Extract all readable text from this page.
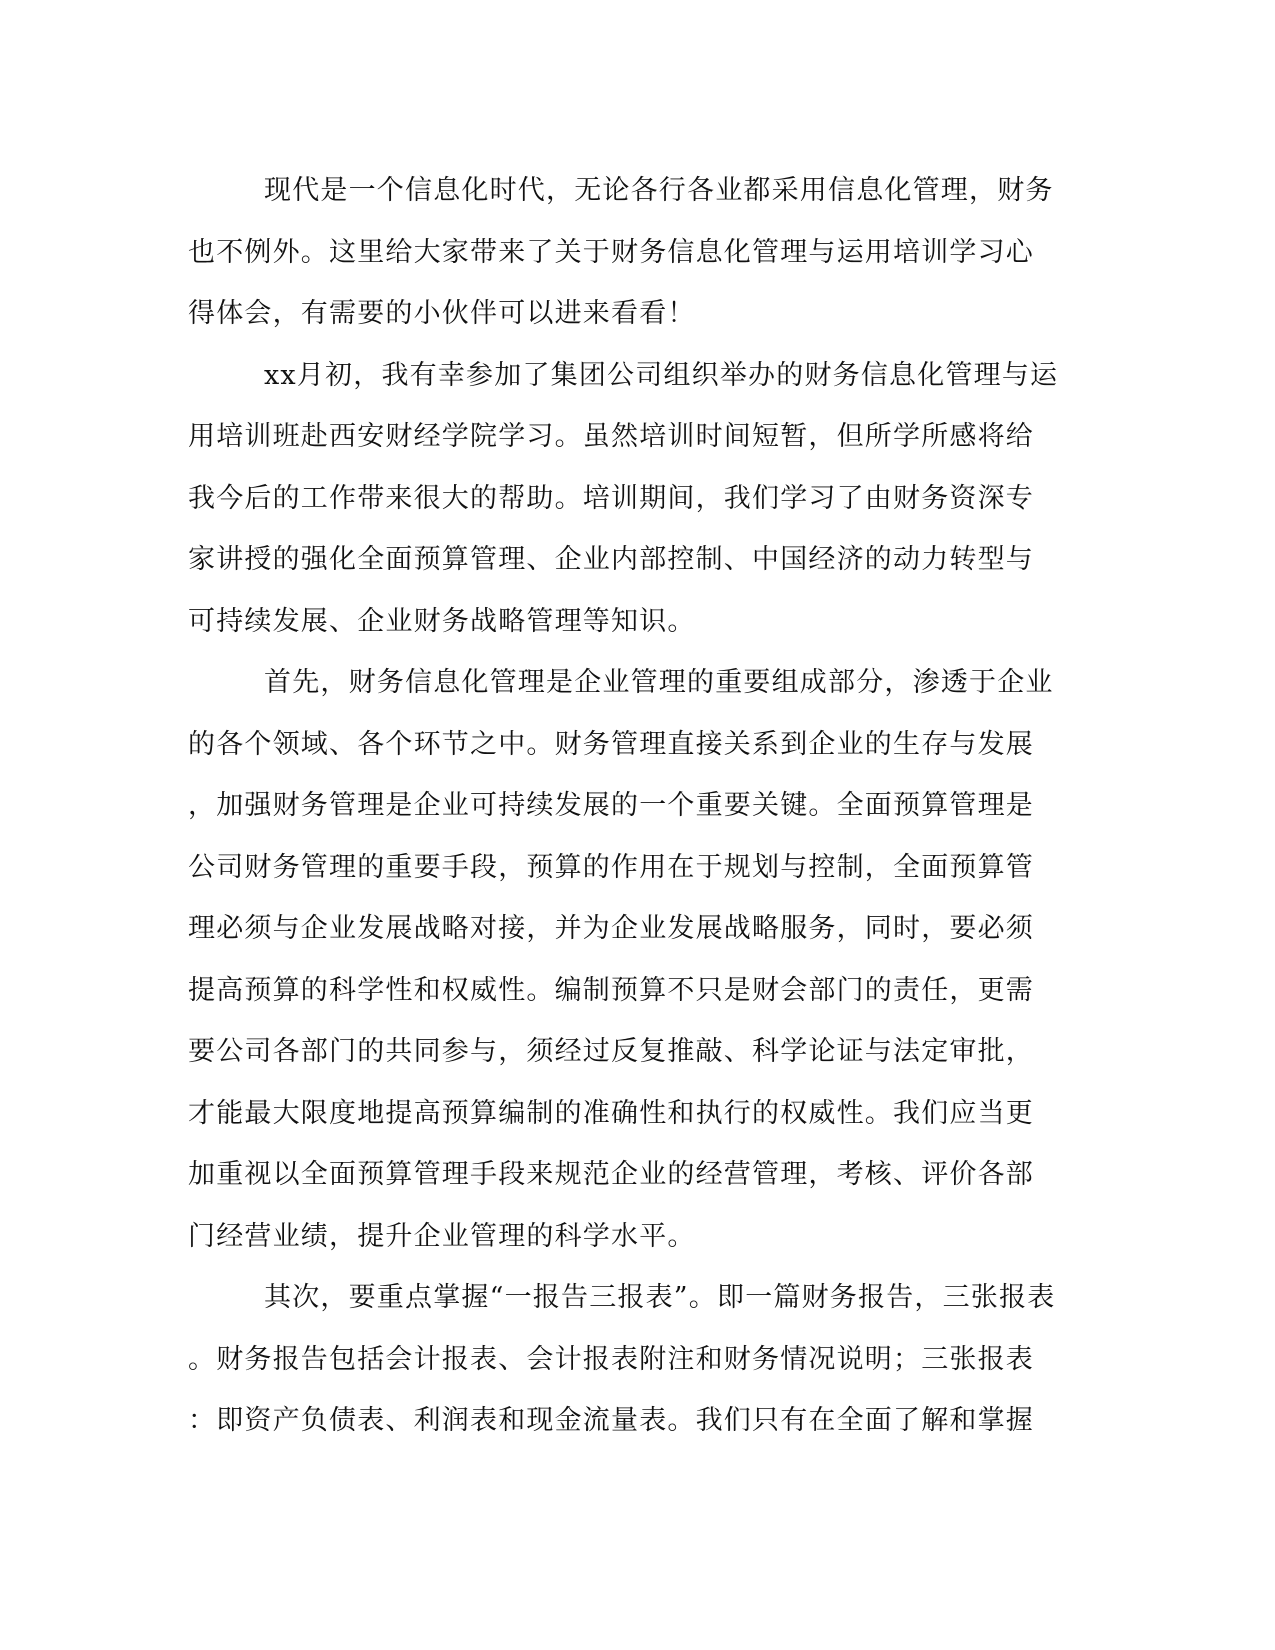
现代是一个信息化时代，无论各行各业都采用信息化管理，财务
也不例外。这里给大家带来了关于财务信息化管理与运用培训学习心
得体会，有需要的小伙伴可以进来看看！

xx月初，我有幸参加了集团公司组织举办的财务信息化管理与运
用培训班赴西安财经学院学习。虽然培训时间短暂，但所学所感将给
我今后的工作带来很大的帮助。培训期间，我们学习了由财务资深专
家讲授的强化全面预算管理、企业内部控制、中国经济的动力转型与
可持续发展、企业财务战略管理等知识。

首先，财务信息化管理是企业管理的重要组成部分，渗透于企业
的各个领域、各个环节之中。财务管理直接关系到企业的生存与发展
，加强财务管理是企业可持续发展的一个重要关键。全面预算管理是
公司财务管理的重要手段，预算的作用在于规划与控制，全面预算管
理必须与企业发展战略对接，并为企业发展战略服务，同时，要必须
提高预算的科学性和权威性。编制预算不只是财会部门的责任，更需
要公司各部门的共同参与，须经过反复推敲、科学论证与法定审批，
才能最大限度地提高预算编制的准确性和执行的权威性。我们应当更
加重视以全面预算管理手段来规范企业的经营管理，考核、评价各部
门经营业绩，提升企业管理的科学水平。

其次，要重点掌握“一报告三报表”。即一篇财务报告，三张报表
。财务报告包括会计报表、会计报表附注和财务情况说明；三张报表
：即资产负债表、利润表和现金流量表。我们只有在全面了解和掌握
